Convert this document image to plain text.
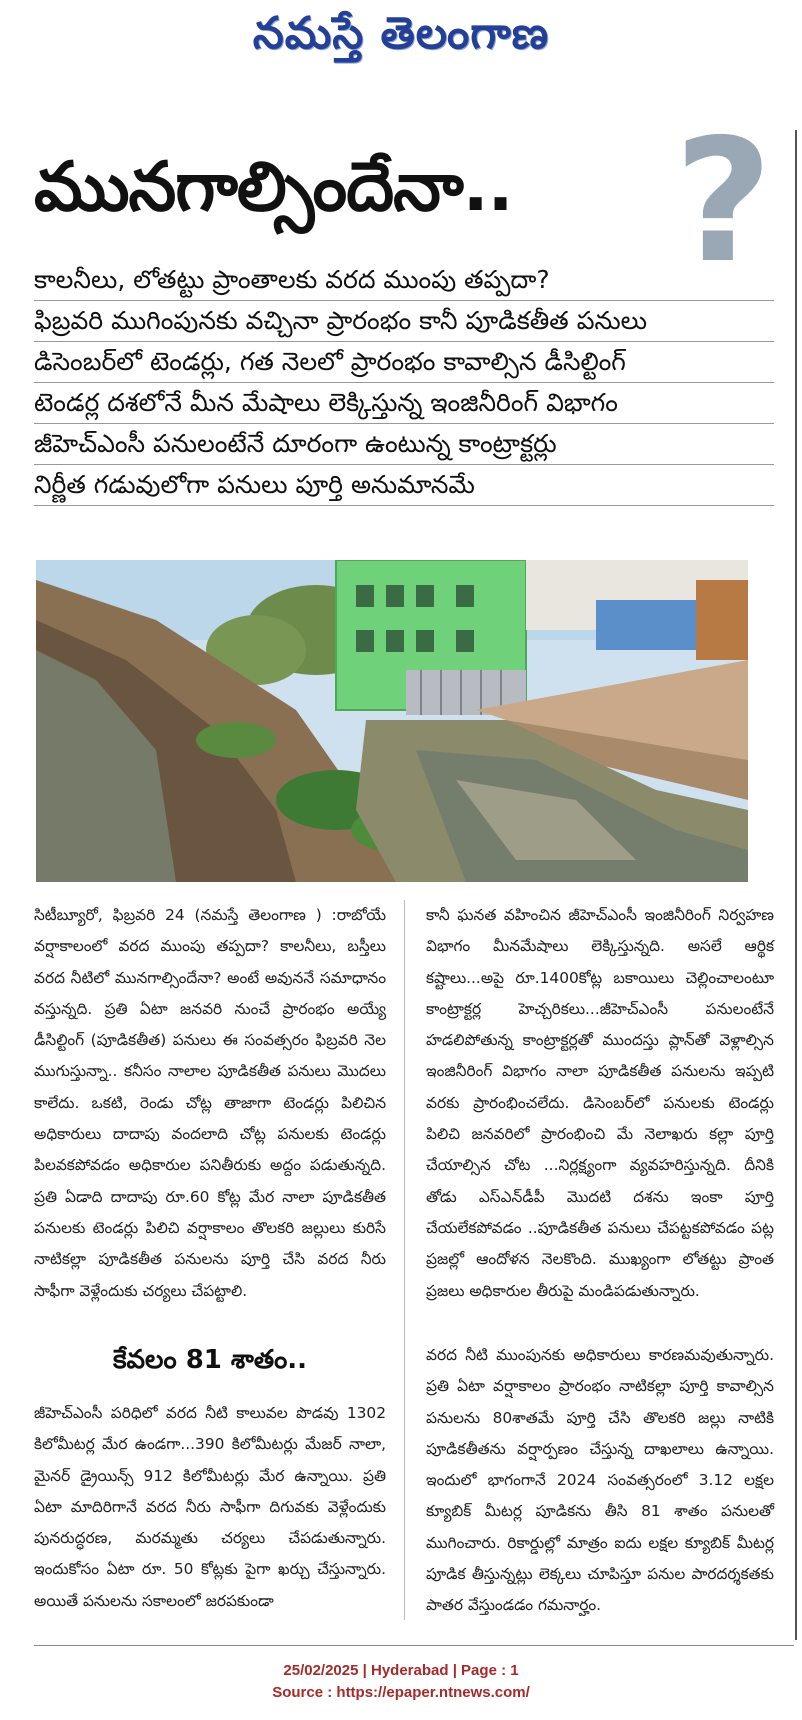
నమస్తే తెలంగాణ
?
మునగాల్సిందేనా..
కాలనీలు, లోతట్టు ప్రాంతాలకు వరద ముంపు తప్పదా?
ఫిబ్రవరి ముగింపునకు వచ్చినా ప్రారంభం కానీ పూడికతీత పనులు
డిసెంబర్‌లో టెండర్లు, గత నెలలో ప్రారంభం కావాల్సిన డీసిల్టింగ్
టెండర్ల దశలోనే మీన మేషాలు లెక్కిస్తున్న ఇంజినీరింగ్ విభాగం
జీహెచ్‌ఎంసీ పనులంటేనే దూరంగా ఉంటున్న కాంట్రాక్టర్లు
నిర్ణీత గడువులోగా పనులు పూర్తి అనుమానమే

సిటీబ్యూరో, ఫిబ్రవరి 24 (నమస్తే తెలంగాణ ) :రాబోయే వర్షాకాలంలో వరద ముంపు తప్పదా? కాలనీలు, బస్తీలు వరద నీటిలో మునగాల్సిందేనా? అంటే అవుననే సమాధానం వస్తున్నది. ప్రతి ఏటా జనవరి నుంచే ప్రారంభం అయ్యే డీసిల్టింగ్ (పూడికతీత) పనులు ఈ సంవత్సరం ఫిబ్రవరి నెల ముగుస్తున్నా.. కనీసం నాలాల పూడికతీత పనులు మొదలు కాలేదు. ఒకటి, రెండు చోట్ల తాజాగా టెండర్లు పిలిచిన అధికారులు దాదాపు వందలాది చోట్ల పనులకు టెండర్లు పిలవకపోవడం అధికారుల పనితీరుకు అద్దం పడుతున్నది. ప్రతి ఏడాది దాదాపు రూ.60 కోట్ల మేర నాలా పూడికతీత పనులకు టెండర్లు పిలిచి వర్షాకాలం తొలకరి జల్లులు కురిసే నాటికల్లా పూడికతీత పనులను పూర్తి చేసి వరద నీరు సాఫీగా వెళ్లేందుకు చర్యలు చేపట్టాలి.

కానీ ఘనత వహించిన జీహెచ్‌ఎంసీ ఇంజినీరింగ్ నిర్వహణ విభాగం మీనమేషాలు లెక్కిస్తున్నది. అసలే ఆర్థిక కష్టాలు...అపై రూ.1400కోట్ల బకాయిలు చెల్లించాలంటూ కాంట్రాక్టర్ల హెచ్చరికలు...జీహెచ్‌ఎంసీ పనులంటేనే హడలిపోతున్న కాంట్రాక్టర్లతో ముందస్తు ప్లాన్‌తో వెళ్లాల్సిన ఇంజినీరింగ్ విభాగం నాలా పూడికతీత పనులను ఇప్పటి వరకు ప్రారంభించలేదు. డిసెంబర్‌లో పనులకు టెండర్లు పిలిచి జనవరిలో ప్రారంభించి మే నెలాఖరు కల్లా పూర్తి చేయాల్సిన చోట ...నిర్లక్ష్యంగా వ్యవహరిస్తున్నది. దీనికి తోడు ఎస్‌ఎన్‌డీపీ మొదటి దశను ఇంకా పూర్తి చేయలేకపోవడం ..పూడికతీత పనులు చేపట్టకపోవడం పట్ల ప్రజల్లో ఆందోళన నెలకొంది. ముఖ్యంగా లోతట్టు ప్రాంత ప్రజలు అధికారుల తీరుపై మండిపడుతున్నారు.

కేవలం 81 శాతం..

జీహెచ్‌ఎంసీ పరిధిలో వరద నీటి కాలువల పొడవు 1302 కిలోమీటర్ల మేర ఉండగా...390 కిలోమీటర్లు మేజర్ నాలా, మైనర్ డ్రైయిన్స్ 912 కిలోమీటర్లు మేర ఉన్నాయి. ప్రతి ఏటా మాదిరిగానే వరద నీరు సాఫీగా దిగువకు వెళ్లేందుకు పునరుద్ధరణ, మరమ్మతు చర్యలు చేపడుతున్నారు. ఇందుకోసం ఏటా రూ. 50 కోట్లకు పైగా ఖర్చు చేస్తున్నారు. అయితే పనులను సకాలంలో జరపకుండా

వరద నీటి ముంపునకు అధికారులు కారణమవుతున్నారు. ప్రతి ఏటా వర్షాకాలం ప్రారంభం నాటికల్లా పూర్తి కావాల్సిన పనులను 80శాతమే పూర్తి చేసి తొలకరి జల్లు నాటికి పూడికతీతను వర్షార్పణం చేస్తున్న దాఖలాలు ఉన్నాయి. ఇందులో భాగంగానే 2024 సంవత్సరంలో 3.12 లక్షల క్యూబిక్ మీటర్ల పూడికను తీసి 81 శాతం పనులతో ముగించారు. రికార్డుల్లో మాత్రం ఐదు లక్షల క్యూబిక్ మీటర్ల పూడిక తీస్తున్నట్లు లెక్కలు చూపిస్తూ పనుల పారదర్శకతకు పాతర వేస్తుండడం గమనార్హం.

25/02/2025 | Hyderabad | Page : 1
Source : https://epaper.ntnews.com/
